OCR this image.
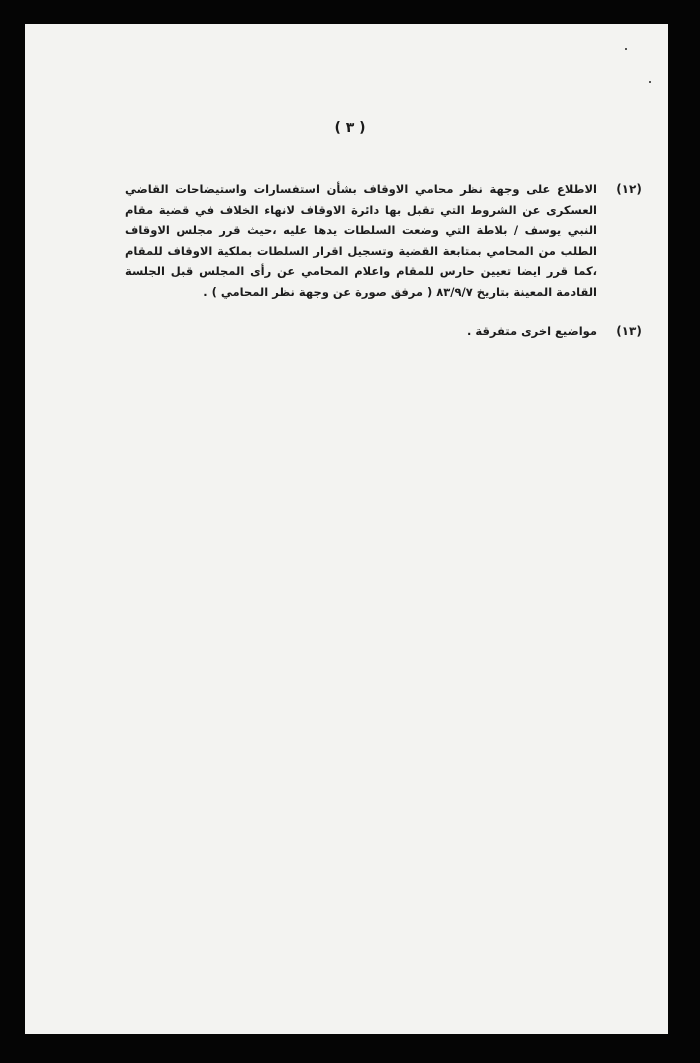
( ٣ )
(١٢)
الاطلاع على وجهة نظر محامي الاوقاف بشأن استفسارات واستيضاحات القاضي العسكرى عن الشروط التي تقبل بها دائرة الاوقاف لانهاء الخلاف في قضية مقام النبي يوسف / بلاطة التي وضعت السلطات يدها عليه ،حيث قرر مجلس الاوقاف الطلب من المحامي بمتابعة القضية وتسجيل اقرار السلطات بملكية الاوقاف للمقام ،كما قرر ايضا تعيين حارس للمقام واعلام المحامي عن رأى المجلس قبل الجلسة القادمة المعينة بتاريخ ٨٣/٩/٧ ( مرفق صورة عن وجهة نظر المحامي ) .
(١٣)
مواضيع اخرى متفرقة .
